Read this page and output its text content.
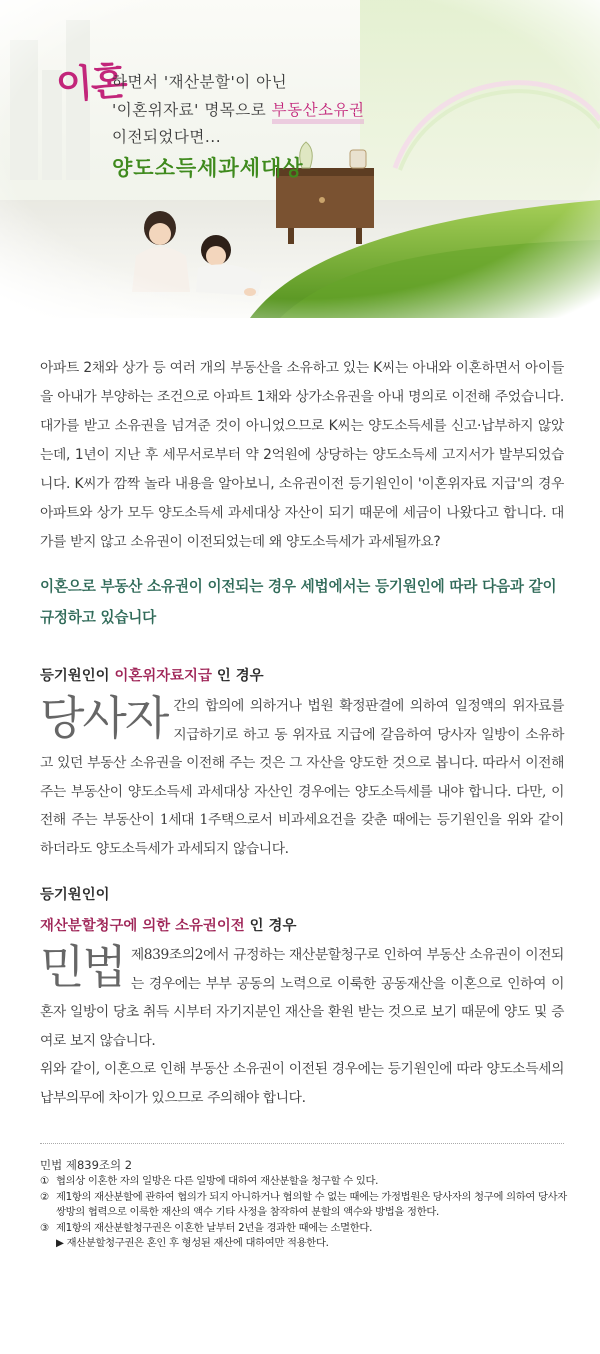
이혼
하면서 '재산분할'이 아닌
'이혼위자료' 명목으로 부동산소유권
이전되었다면...
양도소득세과세대상
아파트 2채와 상가 등 여러 개의 부동산을 소유하고 있는 K씨는 아내와 이혼하면서 아이들을 아내가 부양하는 조건으로 아파트 1채와 상가소유권을 아내 명의로 이전해 주었습니다. 대가를 받고 소유권을 넘겨준 것이 아니었으므로 K씨는 양도소득세를 신고·납부하지 않았는데, 1년이 지난 후 세무서로부터 약 2억원에 상당하는 양도소득세 고지서가 발부되었습니다. K씨가 깜짝 놀라 내용을 알아보니, 소유권이전 등기원인이 '이혼위자료 지급'의 경우 아파트와 상가 모두 양도소득세 과세대상 자산이 되기 때문에 세금이 나왔다고 합니다. 대가를 받지 않고 소유권이 이전되었는데 왜 양도소득세가 과세될까요?
이혼으로 부동산 소유권이 이전되는 경우 세법에서는 등기원인에 따라 다음과 같이 규정하고 있습니다
등기원인이 이혼위자료지급 인 경우
당사자 간의 합의에 의하거나 법원 확정판결에 의하여 일정액의 위자료를 지급하기로 하고 동 위자료 지급에 갈음하여 당사자 일방이 소유하고 있던 부동산 소유권을 이전해 주는 것은 그 자산을 양도한 것으로 봅니다. 따라서 이전해 주는 부동산이 양도소득세 과세대상 자산인 경우에는 양도소득세를 내야 합니다. 다만, 이전해 주는 부동산이 1세대 1주택으로서 비과세요건을 갖춘 때에는 등기원인을 위와 같이 하더라도 양도소득세가 과세되지 않습니다.
등기원인이
재산분할청구에 의한 소유권이전 인 경우
민법 제839조의2에서 규정하는 재산분할청구로 인하여 부동산 소유권이 이전되는 경우에는 부부 공동의 노력으로 이룩한 공동재산을 이혼으로 인하여 이혼자 일방이 당초 취득 시부터 자기지분인 재산을 환원 받는 것으로 보기 때문에 양도 및 증여로 보지 않습니다.
위와 같이, 이혼으로 인해 부동산 소유권이 이전된 경우에는 등기원인에 따라 양도소득세의 납부의무에 차이가 있으므로 주의해야 합니다.
민법 제839조의 2
① 협의상 이혼한 자의 일방은 다른 일방에 대하여 재산분할을 청구할 수 있다.
② 제1항의 재산분할에 관하여 협의가 되지 아니하거나 협의할 수 없는 때에는 가정법원은 당사자의 청구에 의하여 당사자 쌍방의 협력으로 이룩한 재산의 액수 기타 사정을 참작하여 분할의 액수와 방법을 정한다.
③ 제1항의 재산분할청구권은 이혼한 날부터 2년을 경과한 때에는 소멸한다.
▶ 재산분할청구권은 혼인 후 형성된 재산에 대하여만 적용한다.
